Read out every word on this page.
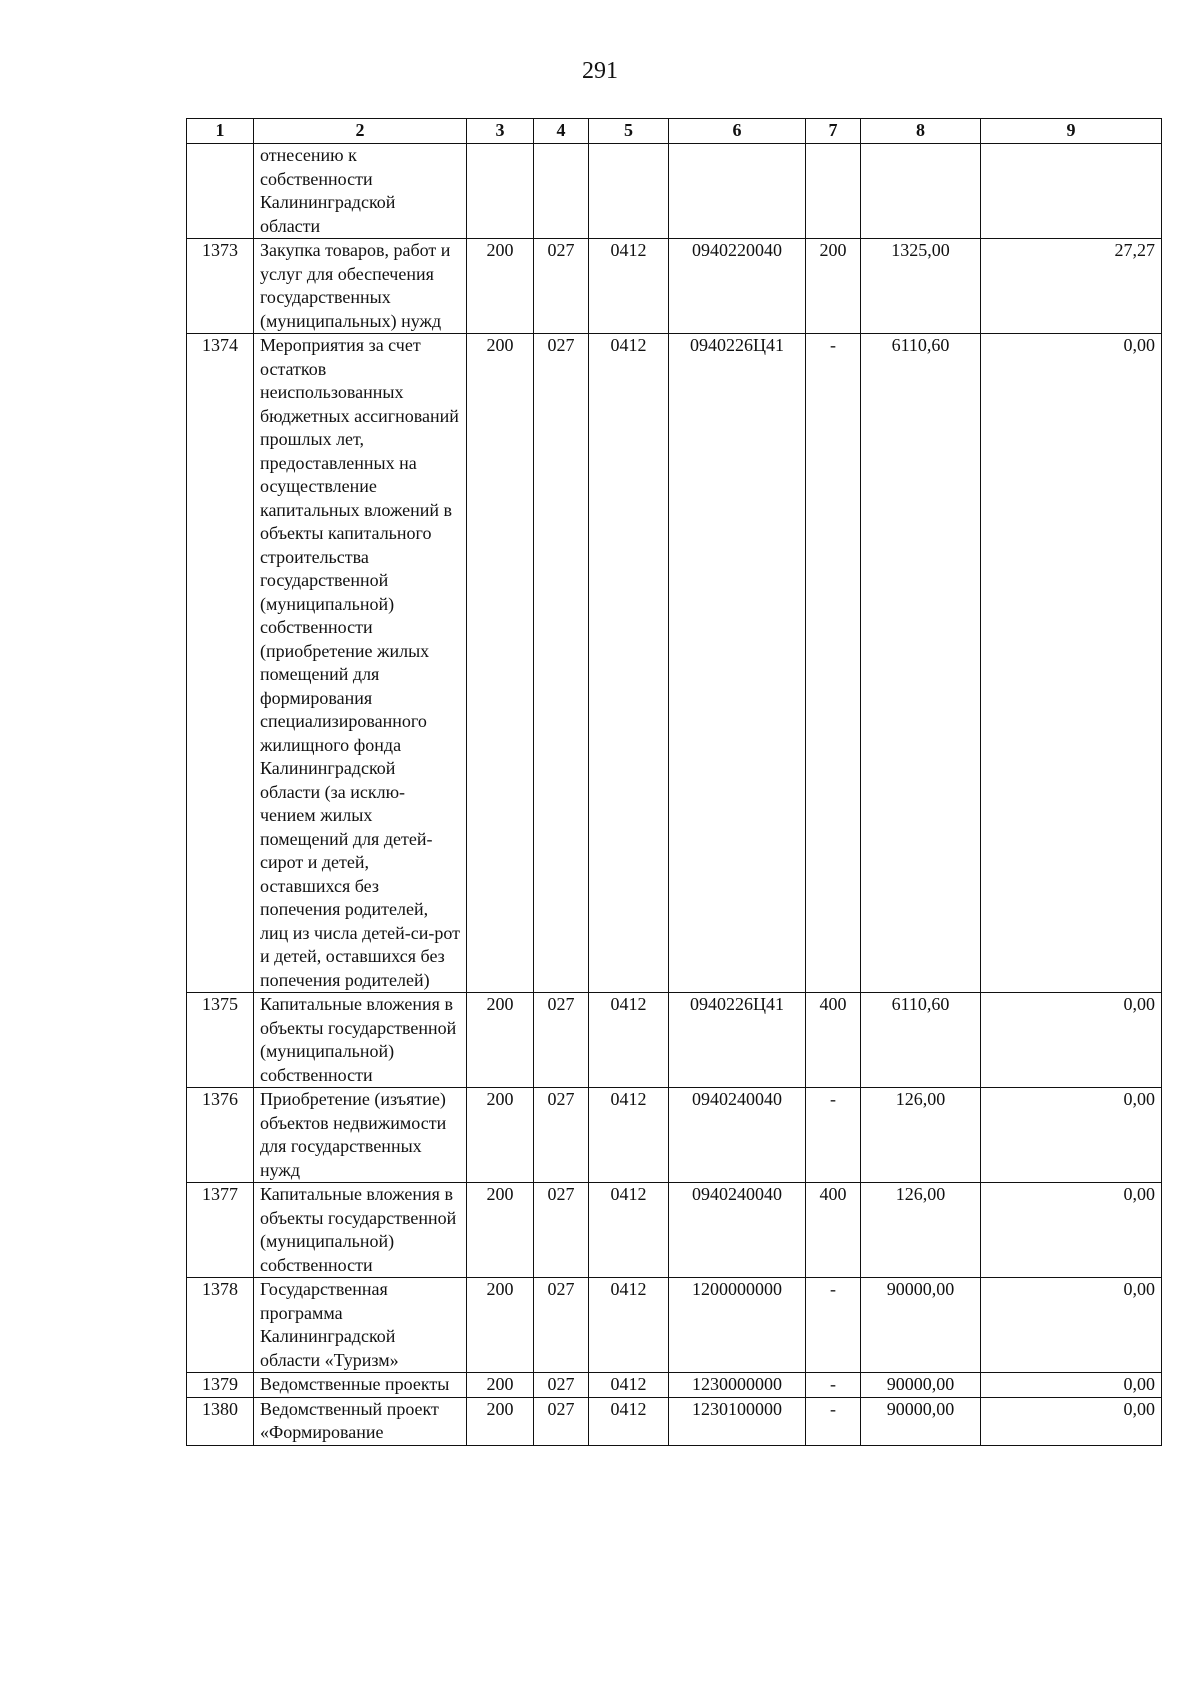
291
1	2	3	4	5	6	7	8	9
	отнесению к собственности Калининградской области							
1373	Закупка товаров, работ и услуг для обеспечения государственных (муниципальных) нужд	200	027	0412	0940220040	200	1325,00	27,27
1374	Мероприятия за счет остатков неиспользованных бюджетных ассигнований прошлых лет, предоставленных на осуществление капитальных вложений в объекты капитального строительства государственной (муниципальной) собственности (приобретение жилых помещений для формирования специализированного жилищного фонда Калининградской области (за исклю-чением жилых помещений для детей-сирот и детей, оставшихся без попечения родителей, лиц из числа детей-си-рот и детей, оставшихся без попечения родителей)	200	027	0412	0940226Ц41	-	6110,60	0,00
1375	Капитальные вложения в объекты государственной (муниципальной) собственности	200	027	0412	0940226Ц41	400	6110,60	0,00
1376	Приобретение (изъятие) объектов недвижимости для государственных нужд	200	027	0412	0940240040	-	126,00	0,00
1377	Капитальные вложения в объекты государственной (муниципальной) собственности	200	027	0412	0940240040	400	126,00	0,00
1378	Государственная программа Калининградской области «Туризм»	200	027	0412	1200000000	-	90000,00	0,00
1379	Ведомственные проекты	200	027	0412	1230000000	-	90000,00	0,00
1380	Ведомственный проект «Формирование	200	027	0412	1230100000	-	90000,00	0,00
